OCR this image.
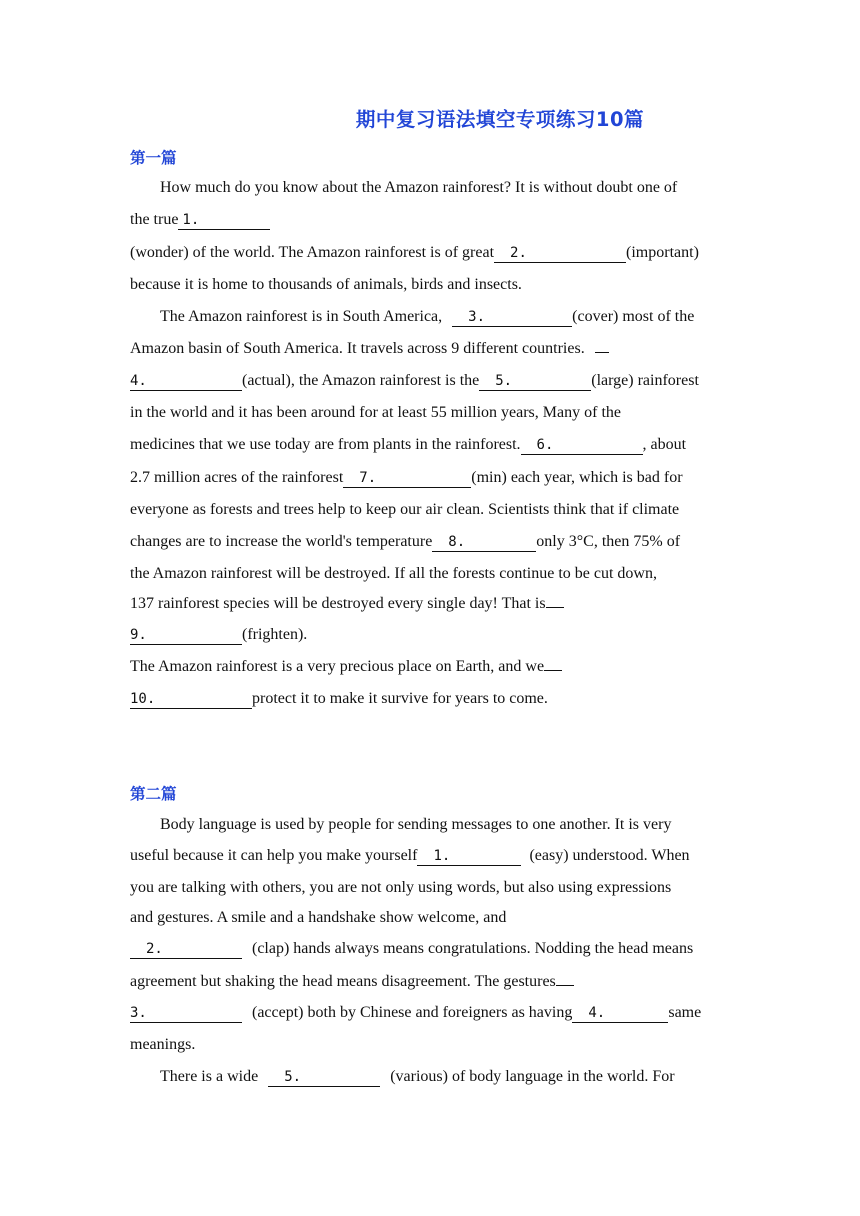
期中复习语法填空专项练习10篇
第一篇
How much do you know about the Amazon rainforest? It is without doubt one of
the true 1.
(wonder) of the world. The Amazon rainforest is of great 2.	(important)
because it is home to thousands of animals, birds and insects.
The Amazon rainforest is in South America, 3.	(cover) most of the
Amazon basin of South America. It travels across 9 different countries.
4.	(actual), the Amazon rainforest is the 5.	(large) rainforest
in the world and it has been around for at least 55 million years, Many of the
medicines that we use today are from plants in the rainforest. 6.	, about
2.7 million acres of the rainforest 7.	(min) each year, which is bad for
everyone as forests and trees help to keep our air clean. Scientists think that if climate
changes are to increase the world's temperature 8.	only 3°C, then 75% of
the Amazon rainforest will be destroyed. If all the forests continue to be cut down,
137 rainforest species will be destroyed every single day! That is
9.	(frighten).
The Amazon rainforest is a very precious place on Earth, and we
10.	protect it to make it survive for years to come.
第二篇
Body language is used by people for sending messages to one another. It is very
useful because it can help you make yourself 1.	(easy) understood. When
you are talking with others, you are not only using words, but also using expressions
and gestures. A smile and a handshake show welcome, and
2.	(clap) hands always means congratulations. Nodding the head means
agreement but shaking the head means disagreement. The gestures
3.	(accept) both by Chinese and foreigners as having 4.	same
meanings.
There is a wide 5.	(various) of body language in the world. For
